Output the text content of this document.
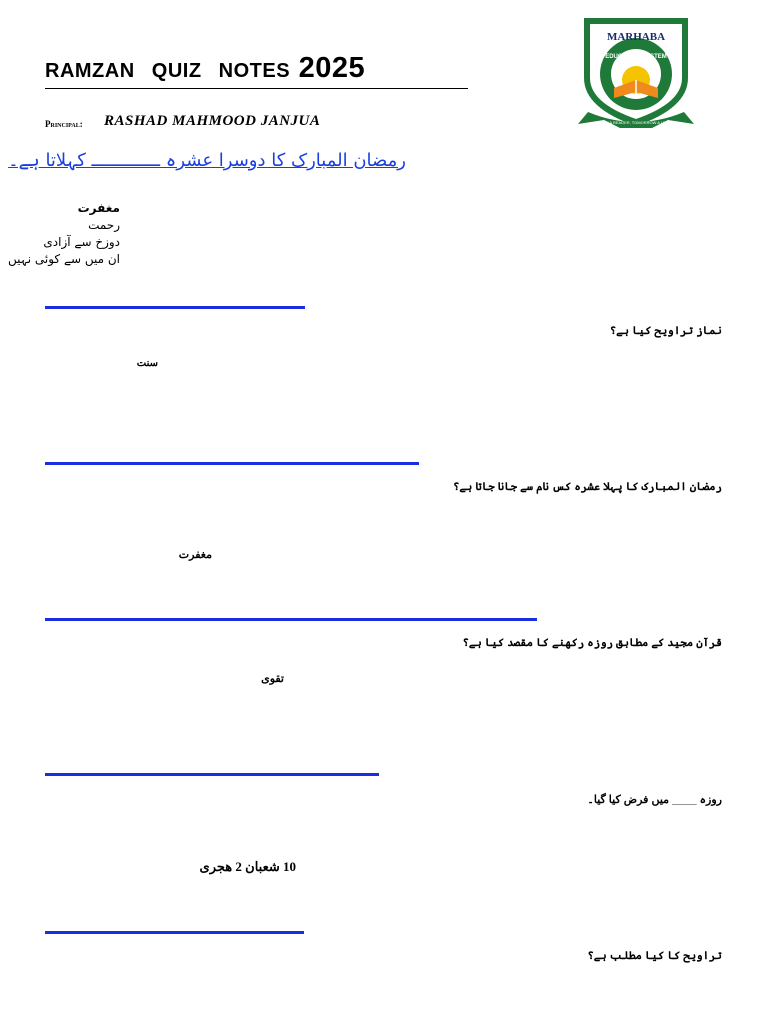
ramzan  quiz  notes 2025
Principal: RASHAD MAHMOOD JANJUA
MARHABA
EDUCATION SYSTEM
TODAY A READER, TOMORROW A LEADER
رمضان المبارک کا دوسرا عشرہ ـــــــــــــ کہلاتا ہے۔
مغفرت
رحمت
دوزخ سے آزادی
ان میں سے کوئی نہیں
نماز تراویح کیا ہے؟
سنت
رمضان المبارک کا پہلا عشرہ کس نام سے جانا جاتا ہے؟
مغفرت
قرآن مجید کے مطابق روزہ رکھنے کا مقصد کیا ہے؟
تقوی
روزہ ____ میں فرض کیا گیا۔
10 شعبان 2 ھجری
تراویح کا کیا مطلب ہے؟
